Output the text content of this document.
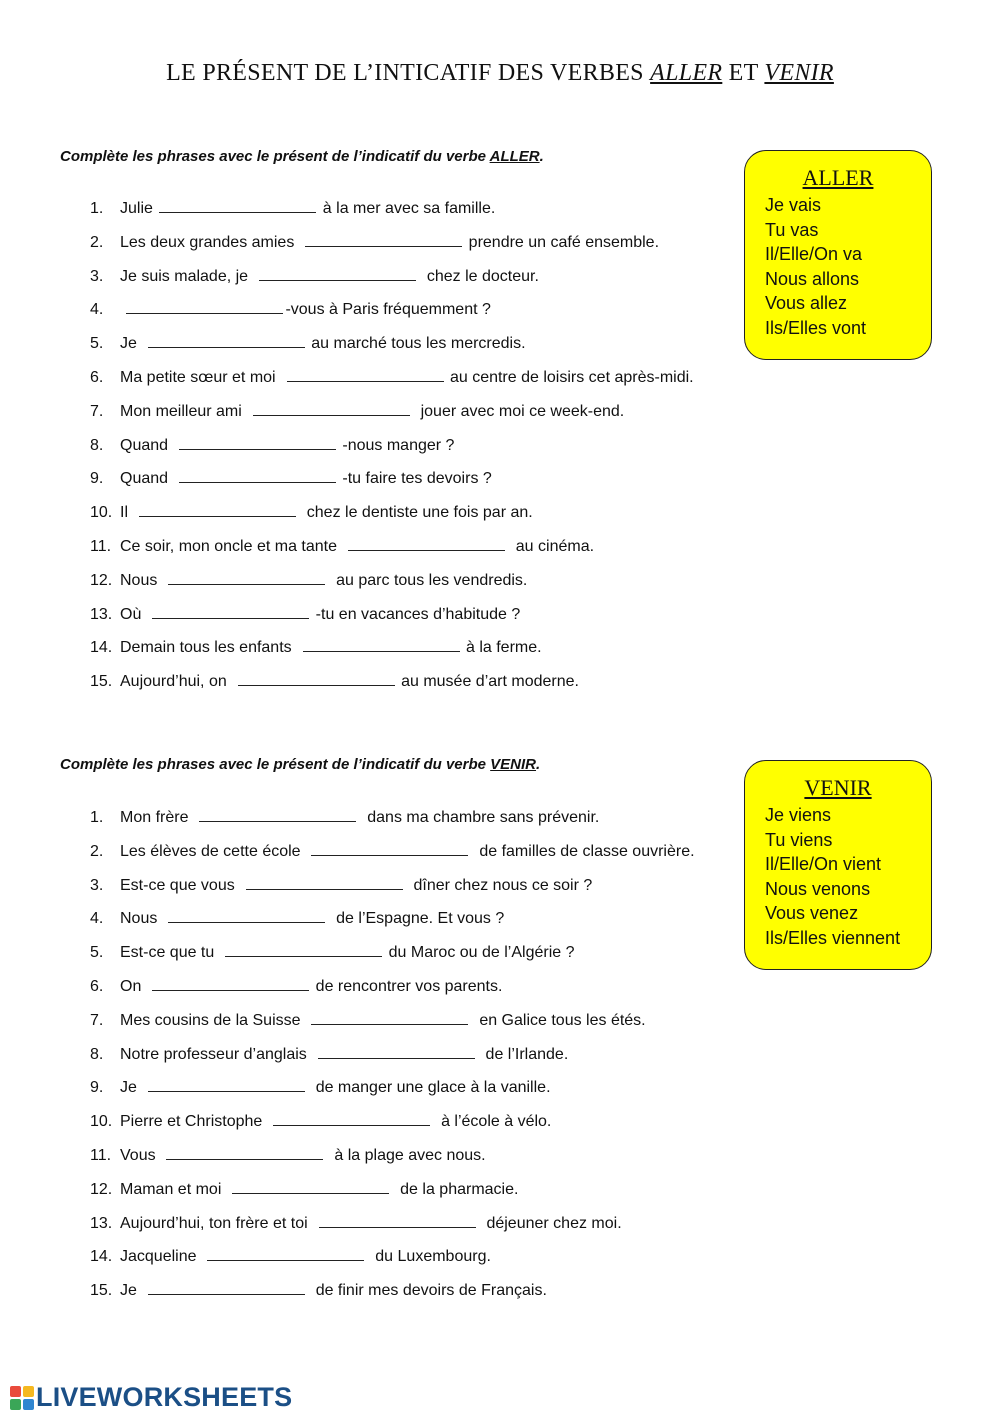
LE PRÉSENT DE L’INTICATIF DES VERBES ALLER ET VENIR
Complète les phrases avec le présent de l’indicatif du verbe ALLER.
1. Julie	à la mer avec sa famille.
2. Les deux grandes amies	prendre un café ensemble.
3. Je suis malade, je	chez le docteur.
4.	-vous à Paris fréquemment ?
5. Je	au marché tous les mercredis.
6. Ma petite sœur et moi	au centre de loisirs cet après-midi.
7. Mon meilleur ami	jouer avec moi ce week-end.
8. Quand	-nous manger ?
9. Quand	-tu faire tes devoirs ?
10. Il	chez le dentiste une fois par an.
11. Ce soir, mon oncle et ma tante	au cinéma.
12. Nous	au parc tous les vendredis.
13. Où	-tu en vacances d’habitude ?
14. Demain tous les enfants	à la ferme.
15. Aujourd’hui, on	au musée d’art moderne.
ALLER
Je vais
Tu vas
Il/Elle/On va
Nous allons
Vous allez
Ils/Elles vont
Complète les phrases avec le présent de l’indicatif du verbe VENIR.
1. Mon frère	dans ma chambre sans prévenir.
2. Les élèves de cette école	de familles de classe ouvrière.
3. Est-ce que vous	dîner chez nous ce soir ?
4. Nous	de l’Espagne. Et vous ?
5. Est-ce que tu	du Maroc ou de l’Algérie ?
6. On	de rencontrer vos parents.
7. Mes cousins de la Suisse	en Galice tous les étés.
8. Notre professeur d’anglais	de l’Irlande.
9. Je	de manger une glace à la vanille.
10. Pierre et Christophe	à l’école à vélo.
11. Vous	à la plage avec nous.
12. Maman et moi	de la pharmacie.
13. Aujourd’hui, ton frère et toi	déjeuner chez moi.
14. Jacqueline	du Luxembourg.
15. Je	de finir mes devoirs de Français.
VENIR
Je viens
Tu viens
Il/Elle/On vient
Nous venons
Vous venez
Ils/Elles viennent
LIVEWORKSHEETS
